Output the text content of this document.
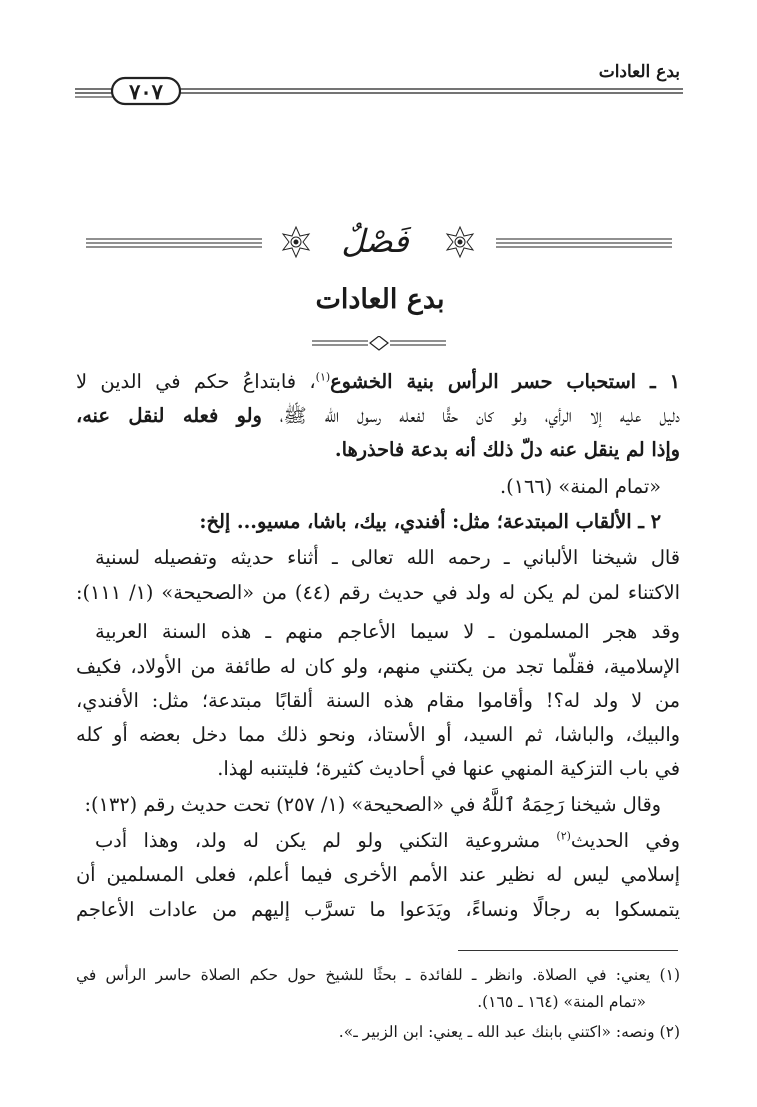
بدع العادات
٧٠٧
فَصْلٌ
بدع العادات
١ ـ استحباب حسر الرأس بنية الخشوع$^{(١)}$، فابتداعُ حكم في الدين لا
دليل عليه إلا الرأي، ولو كان حقًّا لفعله رسول الله ﷺ، ولو فعله لنقل عنه،
وإذا لم ينقل عنه دلّ ذلك أنه بدعة فاحذرها.
«تمام المنة» (١٦٦).
٢ ـ الألقاب المبتدعة؛ مثل: أفندي، بيك، باشا، مسيو... إلخ:
قال شيخنا الألباني ـ رحمه الله تعالى ـ أثناء حديثه وتفصيله لسنية
الاكتناء لمن لم يكن له ولد في حديث رقم (٤٤) من «الصحيحة» (١/ ١١١):
وقد هجر المسلمون ـ لا سيما الأعاجم منهم ـ هذه السنة العربية
الإسلامية، فقلّما تجد من يكتني منهم، ولو كان له طائفة من الأولاد، فكيف
من لا ولد له؟! وأقاموا مقام هذه السنة ألقابًا مبتدعة؛ مثل: الأفندي،
والبيك، والباشا، ثم السيد، أو الأستاذ، ونحو ذلك مما دخل بعضه أو كله
في باب التزكية المنهي عنها في أحاديث كثيرة؛ فليتنبه لهذا.
وقال شيخنا رَحِمَهُ ٱللَّهُ في «الصحيحة» (١/ ٢٥٧) تحت حديث رقم (١٣٢):
وفي الحديث$^{(٢)}$ مشروعية التكني ولو لم يكن له ولد، وهذا أدب
إسلامي ليس له نظير عند الأمم الأخرى فيما أعلم، فعلى المسلمين أن
يتمسكوا به رجالًا ونساءً، ويَدَعوا ما تسرَّب إليهم من عادات الأعاجم
(١) يعني: في الصلاة. وانظر ـ للفائدة ـ بحثًا للشيخ حول حكم الصلاة حاسر الرأس في
«تمام المنة» (١٦٤ ـ ١٦٥).
(٢) ونصه: «اكتني بابنك عبد الله ـ يعني: ابن الزبير ـ».
